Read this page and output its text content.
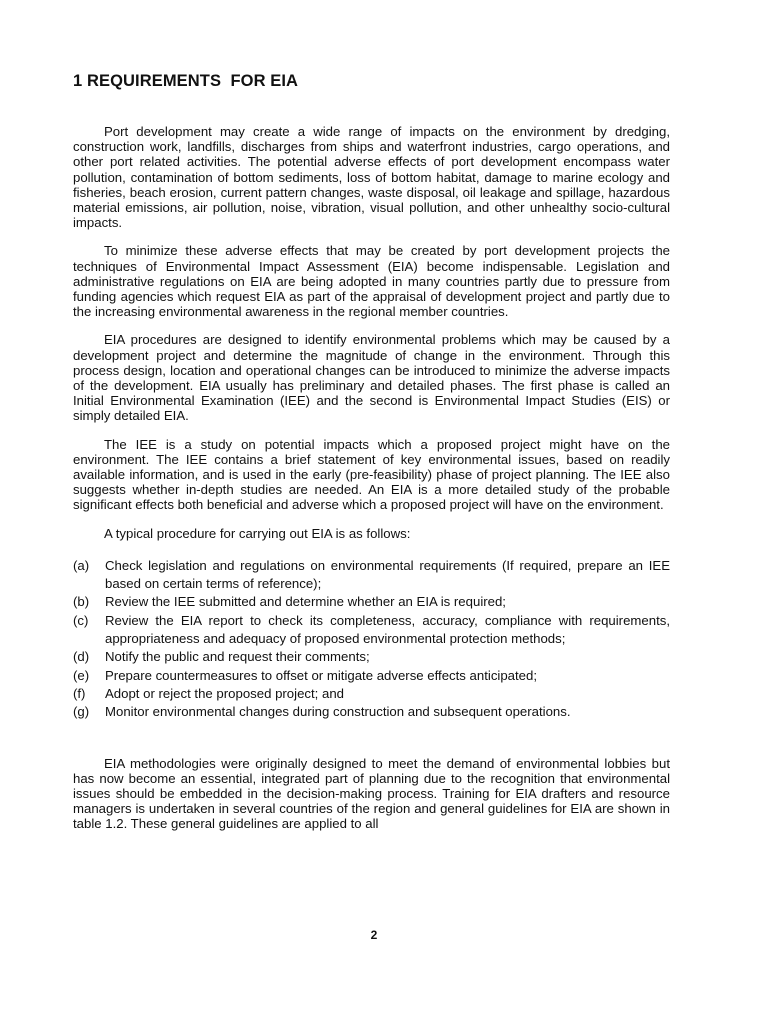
1 REQUIREMENTS  FOR EIA

Port development may create a wide range of impacts on the environment by dredging, construction work, landfills, discharges from ships and waterfront industries, cargo operations, and other port related activities. The potential adverse effects of port development encompass water pollution, contamination of bottom sediments, loss of bottom habitat, damage to marine ecology and fisheries, beach erosion, current pattern changes, waste disposal, oil leakage and spillage, hazardous material emissions, air pollution, noise, vibration, visual pollution, and other unhealthy socio-cultural impacts.

To minimize these adverse effects that may be created by port development projects the techniques of Environmental Impact Assessment (EIA) become indispensable. Legislation and administrative regulations on EIA are being adopted in many countries partly due to pressure from funding agencies which request EIA as part of the appraisal of development project and partly due to the increasing environmental awareness in the regional member countries.

EIA procedures are designed to identify environmental problems which may be caused by a development project and determine the magnitude of change in the environment. Through this process design, location and operational changes can be introduced to minimize the adverse impacts of the development. EIA usually has preliminary and detailed phases. The first phase is called an Initial Environmental Examination (IEE) and the second is Environmental Impact Studies (EIS) or simply detailed EIA.

The IEE is a study on potential impacts which a proposed project might have on the environment. The IEE contains a brief statement of key environmental issues, based on readily available information, and is used in the early (pre-feasibility) phase of project planning. The IEE also suggests whether in-depth studies are needed. An EIA is a more detailed study of the probable significant effects both beneficial and adverse which a proposed project will have on the environment.

A typical procedure for carrying out EIA is as follows:

(a)	Check legislation and regulations on environmental requirements (If required, prepare an IEE based on certain terms of reference);
(b)	Review the IEE submitted and determine whether an EIA is required;
(c)	Review the EIA report to check its completeness, accuracy, compliance with requirements, appropriateness and adequacy of proposed environmental protection methods;
(d)	Notify the public and request their comments;
(e)	Prepare countermeasures to offset or mitigate adverse effects anticipated;
(f)	Adopt or reject the proposed project; and
(g)	Monitor environmental changes during construction and subsequent operations.

EIA methodologies were originally designed to meet the demand of environmental lobbies but has now become an essential, integrated part of planning due to the recognition that environmental issues should be embedded in the decision-making process. Training for EIA drafters and resource managers is undertaken in several countries of the region and general guidelines for EIA are shown in table 1.2. These general guidelines are applied to all

2
